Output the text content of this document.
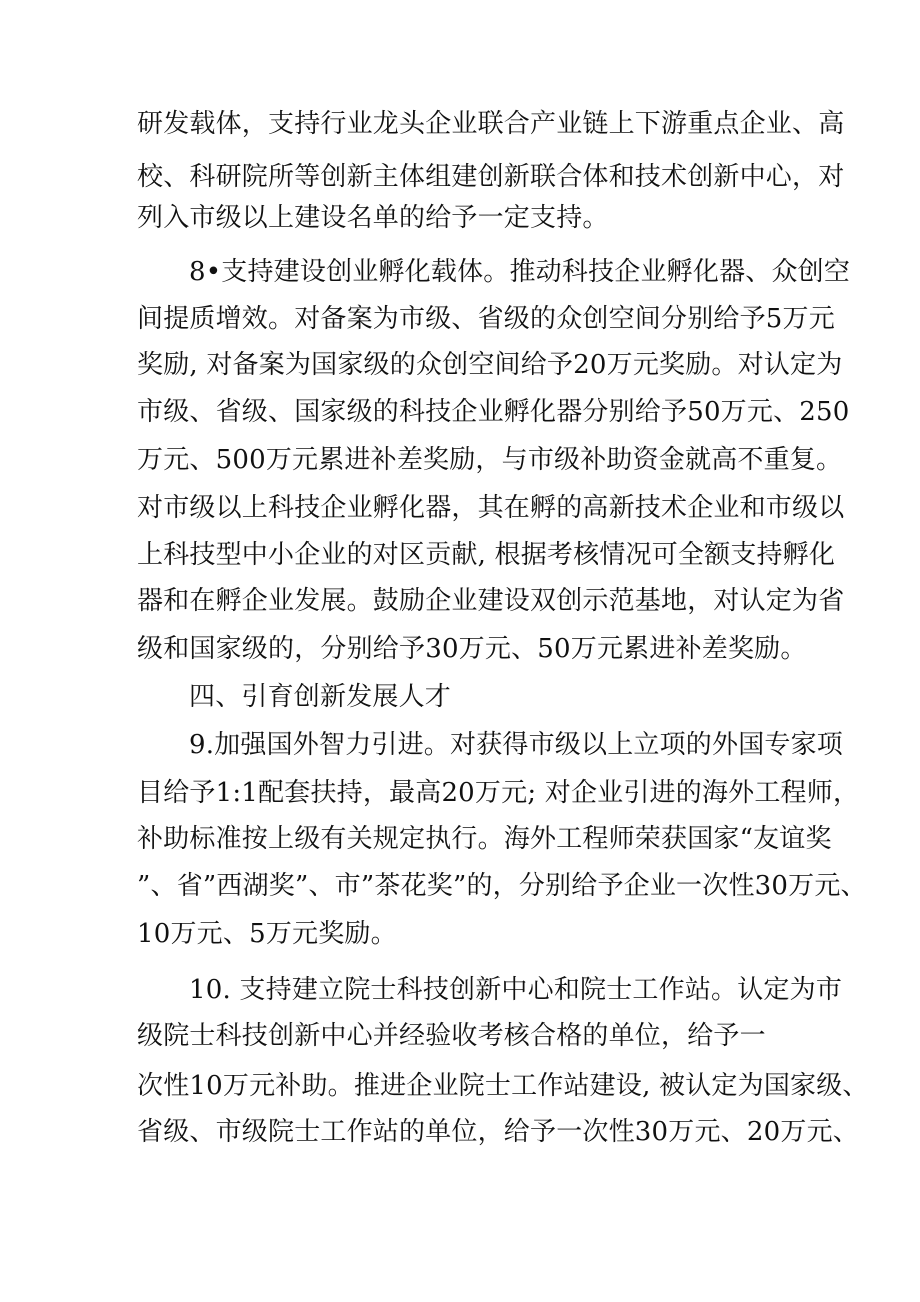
研发载体，支持行业龙头企业联合产业链上下游重点企业、高
校、科研院所等创新主体组建创新联合体和技术创新中心，对
列入市级以上建设名单的给予一定支持。
8•支持建设创业孵化载体。推动科技企业孵化器、众创空
间提质增效。对备案为市级、省级的众创空间分别给予5万元
奖励, 对备案为国家级的众创空间给予20万元奖励。对认定为
市级、省级、国家级的科技企业孵化器分别给予50万元、250
万元、500万元累进补差奖励，与市级补助资金就高不重复。
对市级以上科技企业孵化器，其在孵的高新技术企业和市级以
上科技型中小企业的对区贡献, 根据考核情况可全额支持孵化
器和在孵企业发展。鼓励企业建设双创示范基地，对认定为省
级和国家级的，分别给予30万元、50万元累进补差奖励。
四、引育创新发展人才
9.加强国外智力引进。对获得市级以上立项的外国专家项
目给予1:1配套扶持，最高20万元; 对企业引进的海外工程师，
补助标准按上级有关规定执行。海外工程师荣获国家“友谊奖
”、省”西湖奖”、市”茶花奖”的，分别给予企业一次性30万元、
10万元、5万元奖励。
10. 支持建立院士科技创新中心和院士工作站。认定为市
级院士科技创新中心并经验收考核合格的单位，给予一
次性10万元补助。推进企业院士工作站建设, 被认定为国家级、
省级、市级院士工作站的单位，给予一次性30万元、20万元、
